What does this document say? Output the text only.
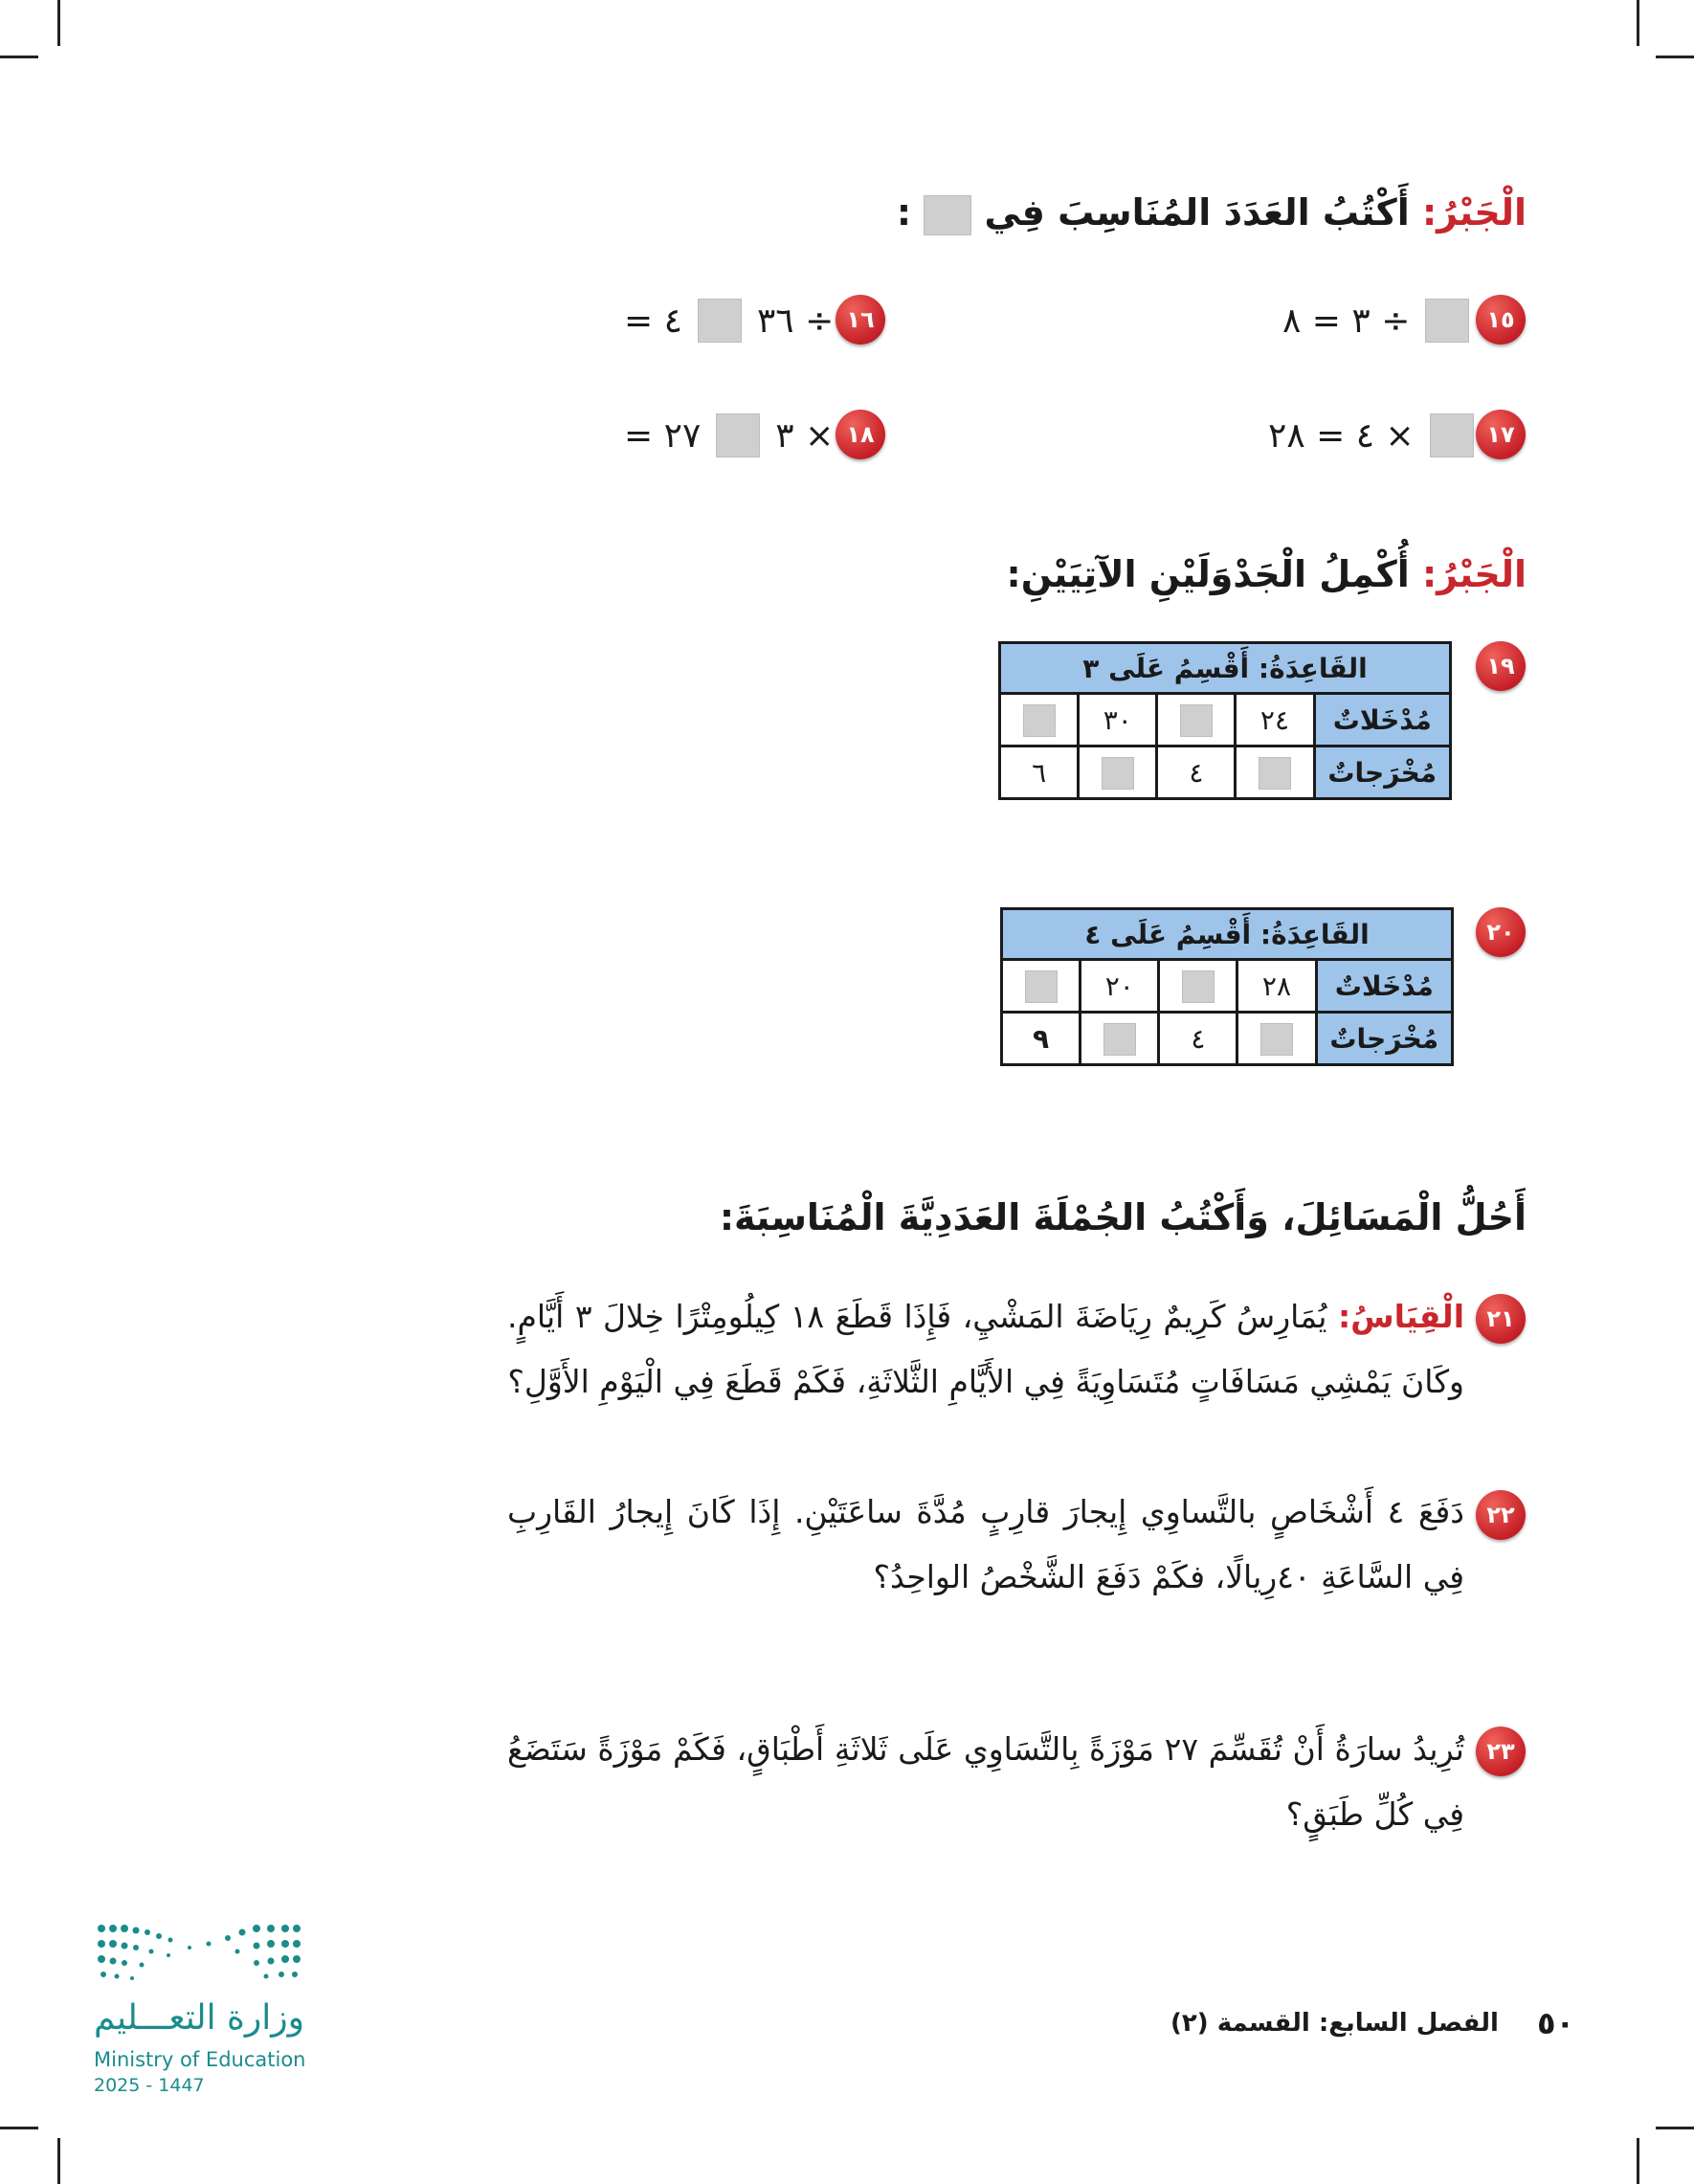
الْجَبْرُ: أَكْتُبُ العَدَدَ المُنَاسِبَ فِي  :
١٥
÷ ٣ = ٨
١٦
٤ = ÷ ٣٦
١٧
× ٤ = ٢٨
١٨
٢٧ = × ٣
الْجَبْرُ: أُكْمِلُ الْجَدْوَلَيْنِ الآتِيَيْنِ:
١٩
القَاعِدَةُ: أَقْسِمُ عَلَى ٣				
مُدْخَلاتٌ	٢٤		٣٠	
مُخْرَجاتٌ		٤		٦
٢٠
القَاعِدَةُ: أَقْسِمُ عَلَى ٤				
مُدْخَلاتٌ	٢٨		٢٠	
مُخْرَجاتٌ		٤		٩
أَحُلُّ الْمَسَائِلَ، وَأَكْتُبُ الجُمْلَةَ العَدَدِيَّةَ الْمُنَاسِبَةَ:
٢١
الْقِيَاسُ: يُمَارِسُ كَرِيمٌ رِيَاضَةَ المَشْيِ، فَإِذَا قَطَعَ ١٨ كِيلُومِتْرًا خِلالَ ٣ أَيَّامٍ. وكَانَ يَمْشِي مَسَافَاتٍ مُتَسَاوِيَةً فِي الأَيَّامِ الثَّلاثَةِ، فَكَمْ قَطَعَ فِي الْيَوْمِ الأَوَّلِ؟
٢٢
دَفَعَ ٤ أَشْخَاصٍ بالتَّساوِي إِيجارَ قارِبٍ مُدَّةَ ساعَتَيْنِ. إِذَا كَانَ إِيجارُ القَارِبِ فِي السَّاعَةِ ٤٠رِيالًا، فكَمْ دَفَعَ الشَّخْصُ الواحِدُ؟
٢٣
تُرِيدُ سارَةُ أَنْ تُقَسِّمَ ٢٧ مَوْزَةً بِالتَّسَاوِي عَلَى ثَلاثَةِ أَطْبَاقٍ، فَكَمْ مَوْزَةً سَتَضَعُ فِي كُلِّ طَبَقٍ؟
٥٠
الفصل السابع: القسمة (٢)
وزارة التعـــليم
Ministry of Education
2025 - 1447
